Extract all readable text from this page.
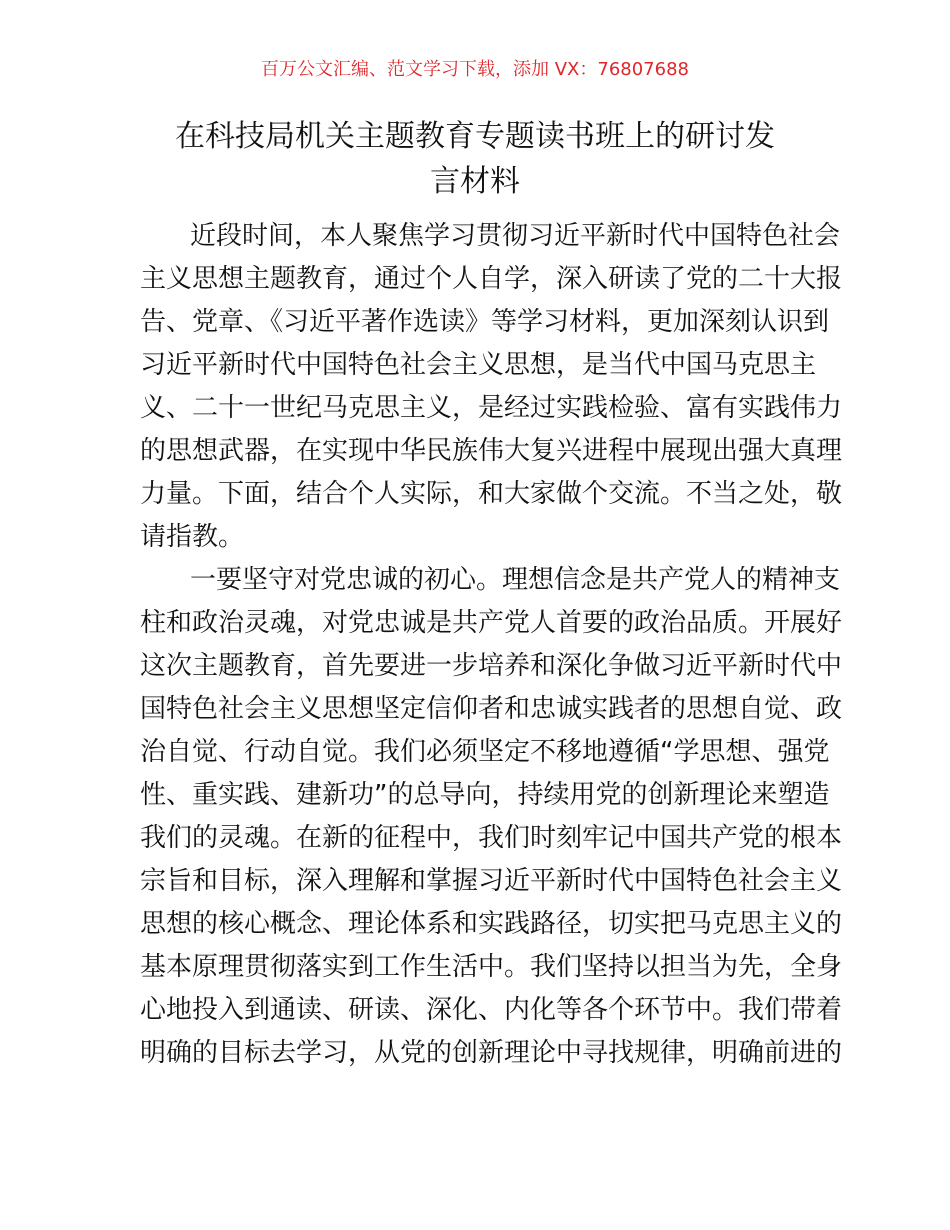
百万公文汇编、范文学习下载，添加 VX：76807688
在科技局机关主题教育专题读书班上的研讨发
言材料
近段时间，本人聚焦学习贯彻习近平新时代中国特色社会
主义思想主题教育，通过个人自学，深入研读了党的二十大报
告、党章、《习近平著作选读》等学习材料，更加深刻认识到
习近平新时代中国特色社会主义思想，是当代中国马克思主
义、二十一世纪马克思主义，是经过实践检验、富有实践伟力
的思想武器，在实现中华民族伟大复兴进程中展现出强大真理
力量。下面，结合个人实际，和大家做个交流。不当之处，敬
请指教。
一要坚守对党忠诚的初心。理想信念是共产党人的精神支
柱和政治灵魂，对党忠诚是共产党人首要的政治品质。开展好
这次主题教育，首先要进一步培养和深化争做习近平新时代中
国特色社会主义思想坚定信仰者和忠诚实践者的思想自觉、政
治自觉、行动自觉。我们必须坚定不移地遵循“学思想、强党
性、重实践、建新功”的总导向，持续用党的创新理论来塑造
我们的灵魂。在新的征程中，我们时刻牢记中国共产党的根本
宗旨和目标，深入理解和掌握习近平新时代中国特色社会主义
思想的核心概念、理论体系和实践路径，切实把马克思主义的
基本原理贯彻落实到工作生活中。我们坚持以担当为先，全身
心地投入到通读、研读、深化、内化等各个环节中。我们带着
明确的目标去学习，从党的创新理论中寻找规律，明确前进的
